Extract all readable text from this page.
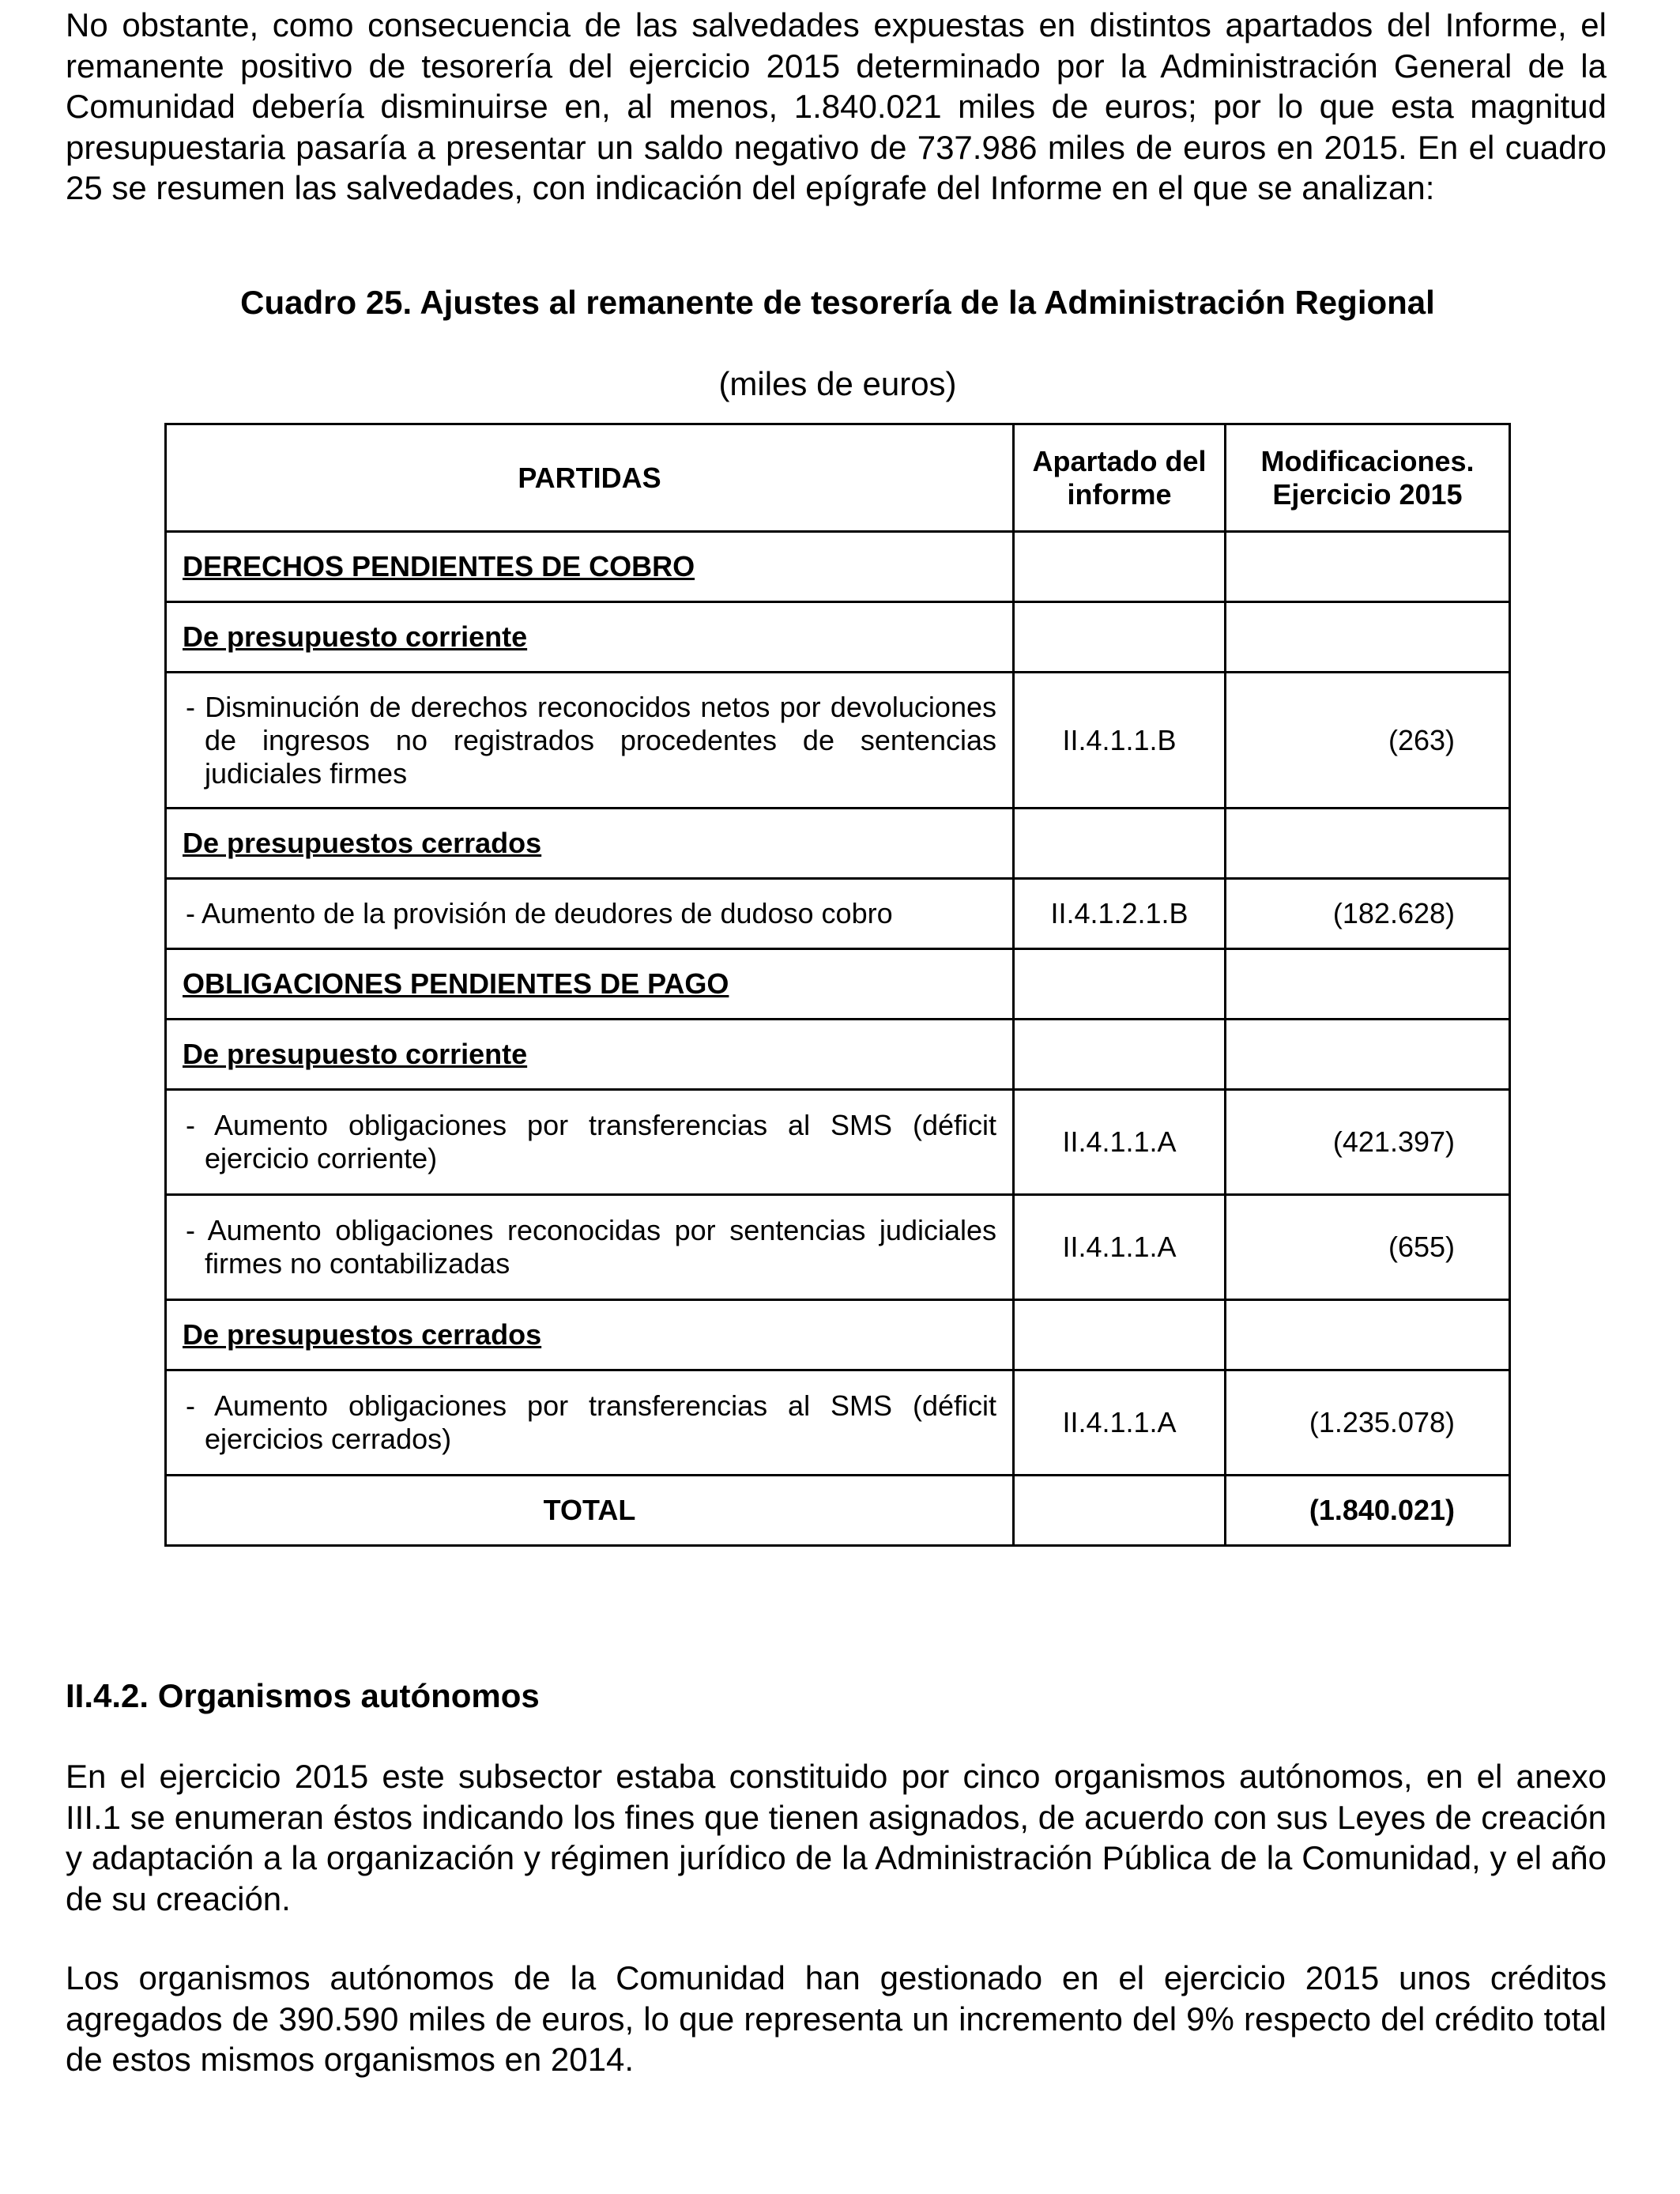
No obstante, como consecuencia de las salvedades expuestas en distintos apartados del Informe, el remanente positivo de tesorería del ejercicio 2015 determinado por la Administración General de la Comunidad debería disminuirse en, al menos, 1.840.021 miles de euros; por lo que esta magnitud presupuestaria pasaría a presentar un saldo negativo de 737.986 miles de euros en 2015. En el cuadro 25 se resumen las salvedades, con indicación del epígrafe del Informe en el que se analizan:

Cuadro 25. Ajustes al remanente de tesorería de la Administración Regional

(miles de euros)

PARTIDAS	Apartado del informe	Modificaciones. Ejercicio 2015
DERECHOS PENDIENTES DE COBRO		
De presupuesto corriente		
- Disminución de derechos reconocidos netos por devoluciones de ingresos no registrados procedentes de sentencias judiciales firmes	II.4.1.1.B	(263)
De presupuestos cerrados		
- Aumento de la provisión de deudores de dudoso cobro	II.4.1.2.1.B	(182.628)
OBLIGACIONES PENDIENTES DE PAGO		
De presupuesto corriente		
- Aumento obligaciones por transferencias al SMS (déficit ejercicio corriente)	II.4.1.1.A	(421.397)
- Aumento obligaciones reconocidas por sentencias judiciales firmes no contabilizadas	II.4.1.1.A	(655)
De presupuestos cerrados		
- Aumento obligaciones por transferencias al SMS (déficit ejercicios cerrados)	II.4.1.1.A	(1.235.078)
TOTAL		(1.840.021)
II.4.2. Organismos autónomos

En el ejercicio 2015 este subsector estaba constituido por cinco organismos autónomos, en el anexo III.1 se enumeran éstos indicando los fines que tienen asignados, de acuerdo con sus Leyes de creación y adaptación a la organización y régimen jurídico de la Administración Pública de la Comunidad, y el año de su creación.

Los organismos autónomos de la Comunidad han gestionado en el ejercicio 2015 unos créditos agregados de 390.590 miles de euros, lo que representa un incremento del 9% respecto del crédito total de estos mismos organismos en 2014.
